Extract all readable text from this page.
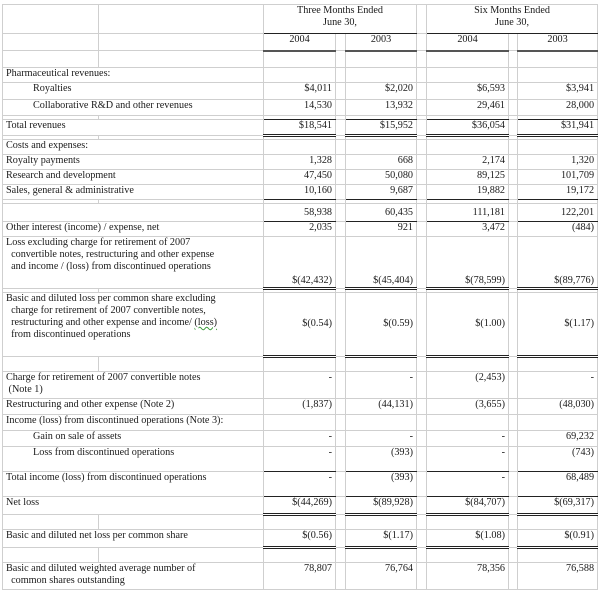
		Three Months Ended
June 30,				Six Months Ended
June 30,		
		2004		2003		2004		2003

Pharmaceutical revenues:								
Royalties		$4,011		$2,020		$6,593		$3,941
Collaborative R&D and other revenues		14,530		13,932		29,461		28,000

Total revenues		$18,541		$15,952		$36,054		$31,941

Costs and expenses:								
Royalty payments		1,328		668		2,174		1,320
Research and development		47,450		50,080		89,125		101,709
Sales, general & administrative		10,160		9,687		19,882		19,172

		58,938		60,435		111,181		122,201
Other interest (income) / expense, net		2,035		921		3,472		(484)
Loss excluding charge for retirement of 2007
convertible notes, restructuring and other expense
and income / (loss) from discontinued operations		$(42,432)		$(45,404)		$(78,599)		$(89,776)

Basic and diluted loss per common share excluding
charge for retirement of 2007 convertible notes,
restructuring and other expense and income/ (loss)
from discontinued operations		$(0.54)		$(0.59)		$(1.00)		$(1.17)

Charge for retirement of 2007 convertible notes
(Note 1)		-		-		(2,453)		-
Restructuring and other expense (Note 2)		(1,837)		(44,131)		(3,655)		(48,030)
Income (loss) from discontinued operations (Note 3):								
Gain on sale of assets		-		-		-		69,232
Loss from discontinued operations		-		(393)		-		(743)
Total income (loss) from discontinued operations		-		(393)		-		68,489
Net loss		$(44,269)		$(89,928)		$(84,707)		$(69,317)

Basic and diluted net loss per common share		$(0.56)		$(1.17)		$(1.08)		$(0.91)

Basic and diluted weighted average number of
common shares outstanding		78,807		76,764		78,356		76,588
